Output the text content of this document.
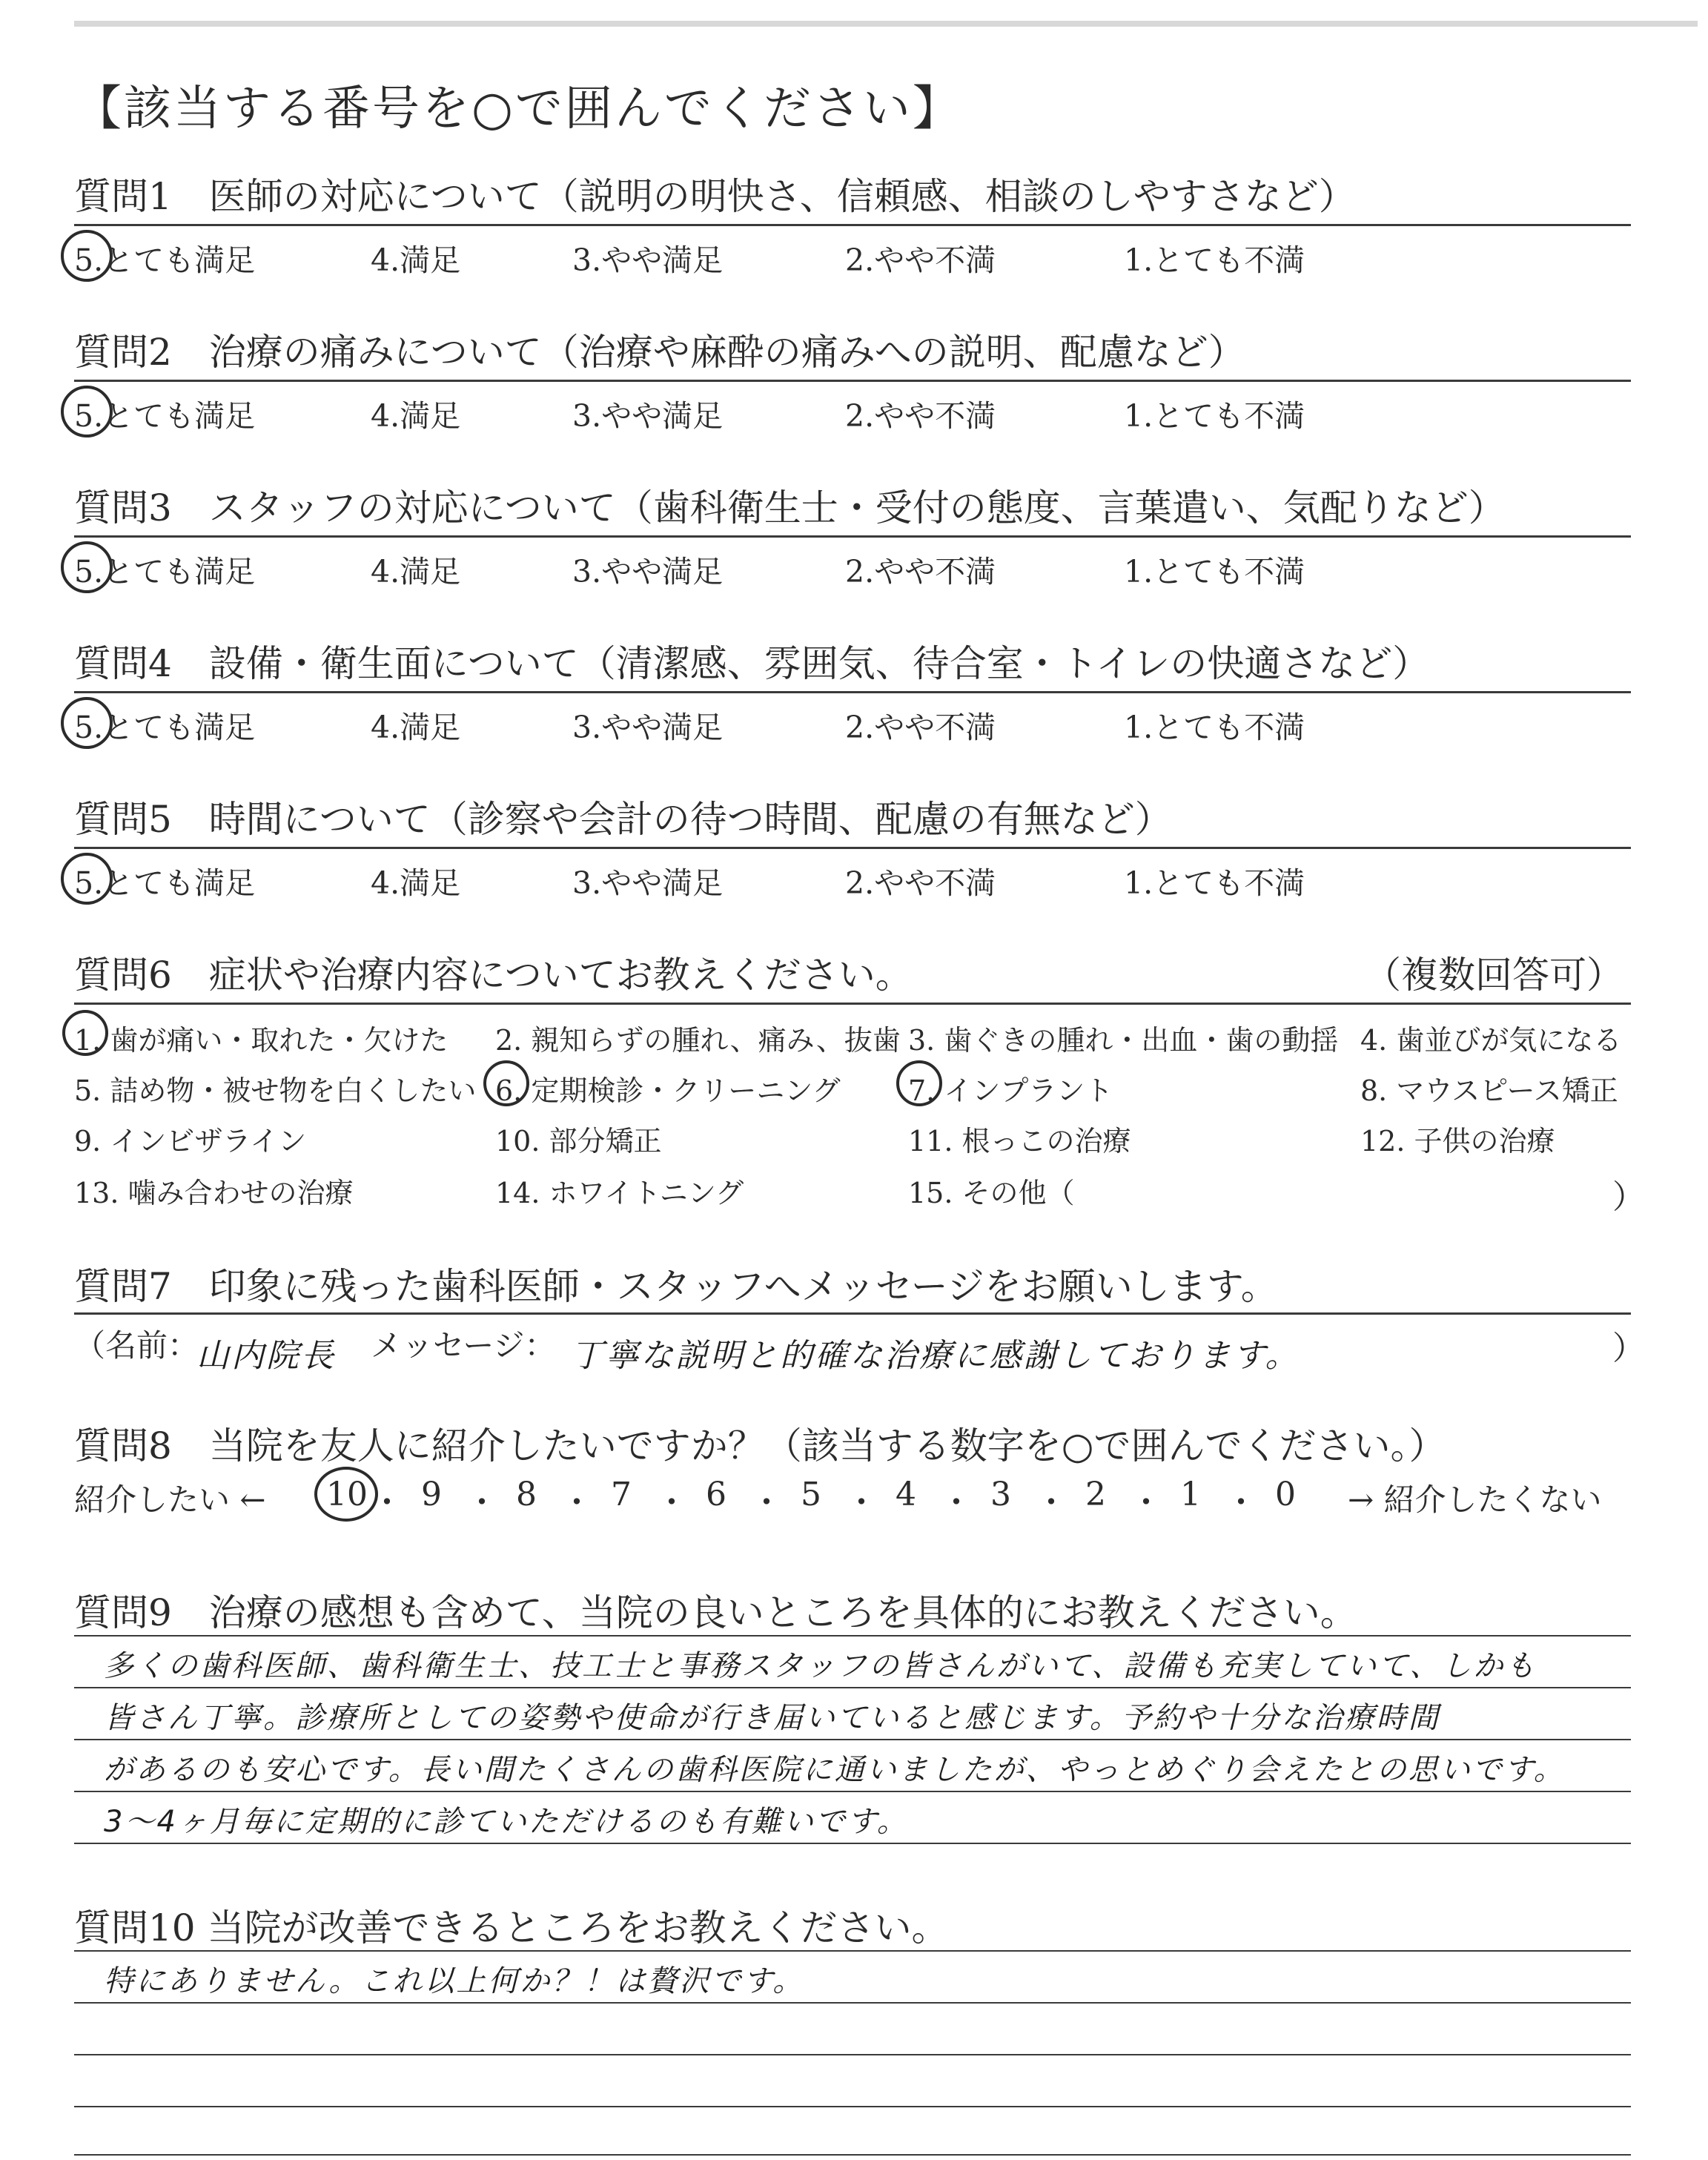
【該当する番号を○で囲んでください】
質問1　医師の対応について（説明の明快さ、信頼感、相談のしやすさなど）
5.とても満足	4.満足	3.やや満足	2.やや不満	1.とても不満
質問2　治療の痛みについて（治療や麻酔の痛みへの説明、配慮など）
5.とても満足	4.満足	3.やや満足	2.やや不満	1.とても不満
質問3　スタッフの対応について（歯科衛生士・受付の態度、言葉遣い、気配りなど）
5.とても満足	4.満足	3.やや満足	2.やや不満	1.とても不満
質問4　設備・衛生面について（清潔感、雰囲気、待合室・トイレの快適さなど）
5.とても満足	4.満足	3.やや満足	2.やや不満	1.とても不満
質問5　時間について（診察や会計の待つ時間、配慮の有無など）
5.とても満足	4.満足	3.やや満足	2.やや不満	1.とても不満
質問6　症状や治療内容についてお教えください。	（複数回答可）
1. 歯が痛い・取れた・欠けた 2. 親知らずの腫れ、痛み、抜歯 3. 歯ぐきの腫れ・出血・歯の動揺 4. 歯並びが気になる
5. 詰め物・被せ物を白くしたい 6. 定期検診・クリーニング 7. インプラント	8. マウスピース矯正
9. インビザライン	10. 部分矯正	11. 根っこの治療	12. 子供の治療
13. 噛み合わせの治療	14. ホワイトニング	15. その他（	）
質問7　印象に残った歯科医師・スタッフへメッセージをお願いします。
（名前：
山内院長 メッセージ： 丁寧な説明と的確な治療に感謝しております。	）
質問8　当院を友人に紹介したいですか？（該当する数字を○で囲んでください。）
紹介したい ← 10 ・ 9 ・ 8 ・ 7 ・ 6 ・ 5 ・ 4 ・ 3 ・ 2 ・ 1 ・ 0 → 紹介したくない
質問9　治療の感想も含めて、当院の良いところを具体的にお教えください。
多くの歯科医師、歯科衛生士、技工士と事務スタッフの皆さんがいて、設備も充実していて、しかも
皆さん丁寧。診療所としての姿勢や使命が行き届いていると感じます。予約や十分な治療時間
があるのも安心です。長い間たくさんの歯科医院に通いましたが、やっとめぐり会えたとの思いです。
3〜4ヶ月毎に定期的に診ていただけるのも有難いです。
質問10 当院が改善できるところをお教えください。
特にありません。これ以上何か？！は贅沢です。
